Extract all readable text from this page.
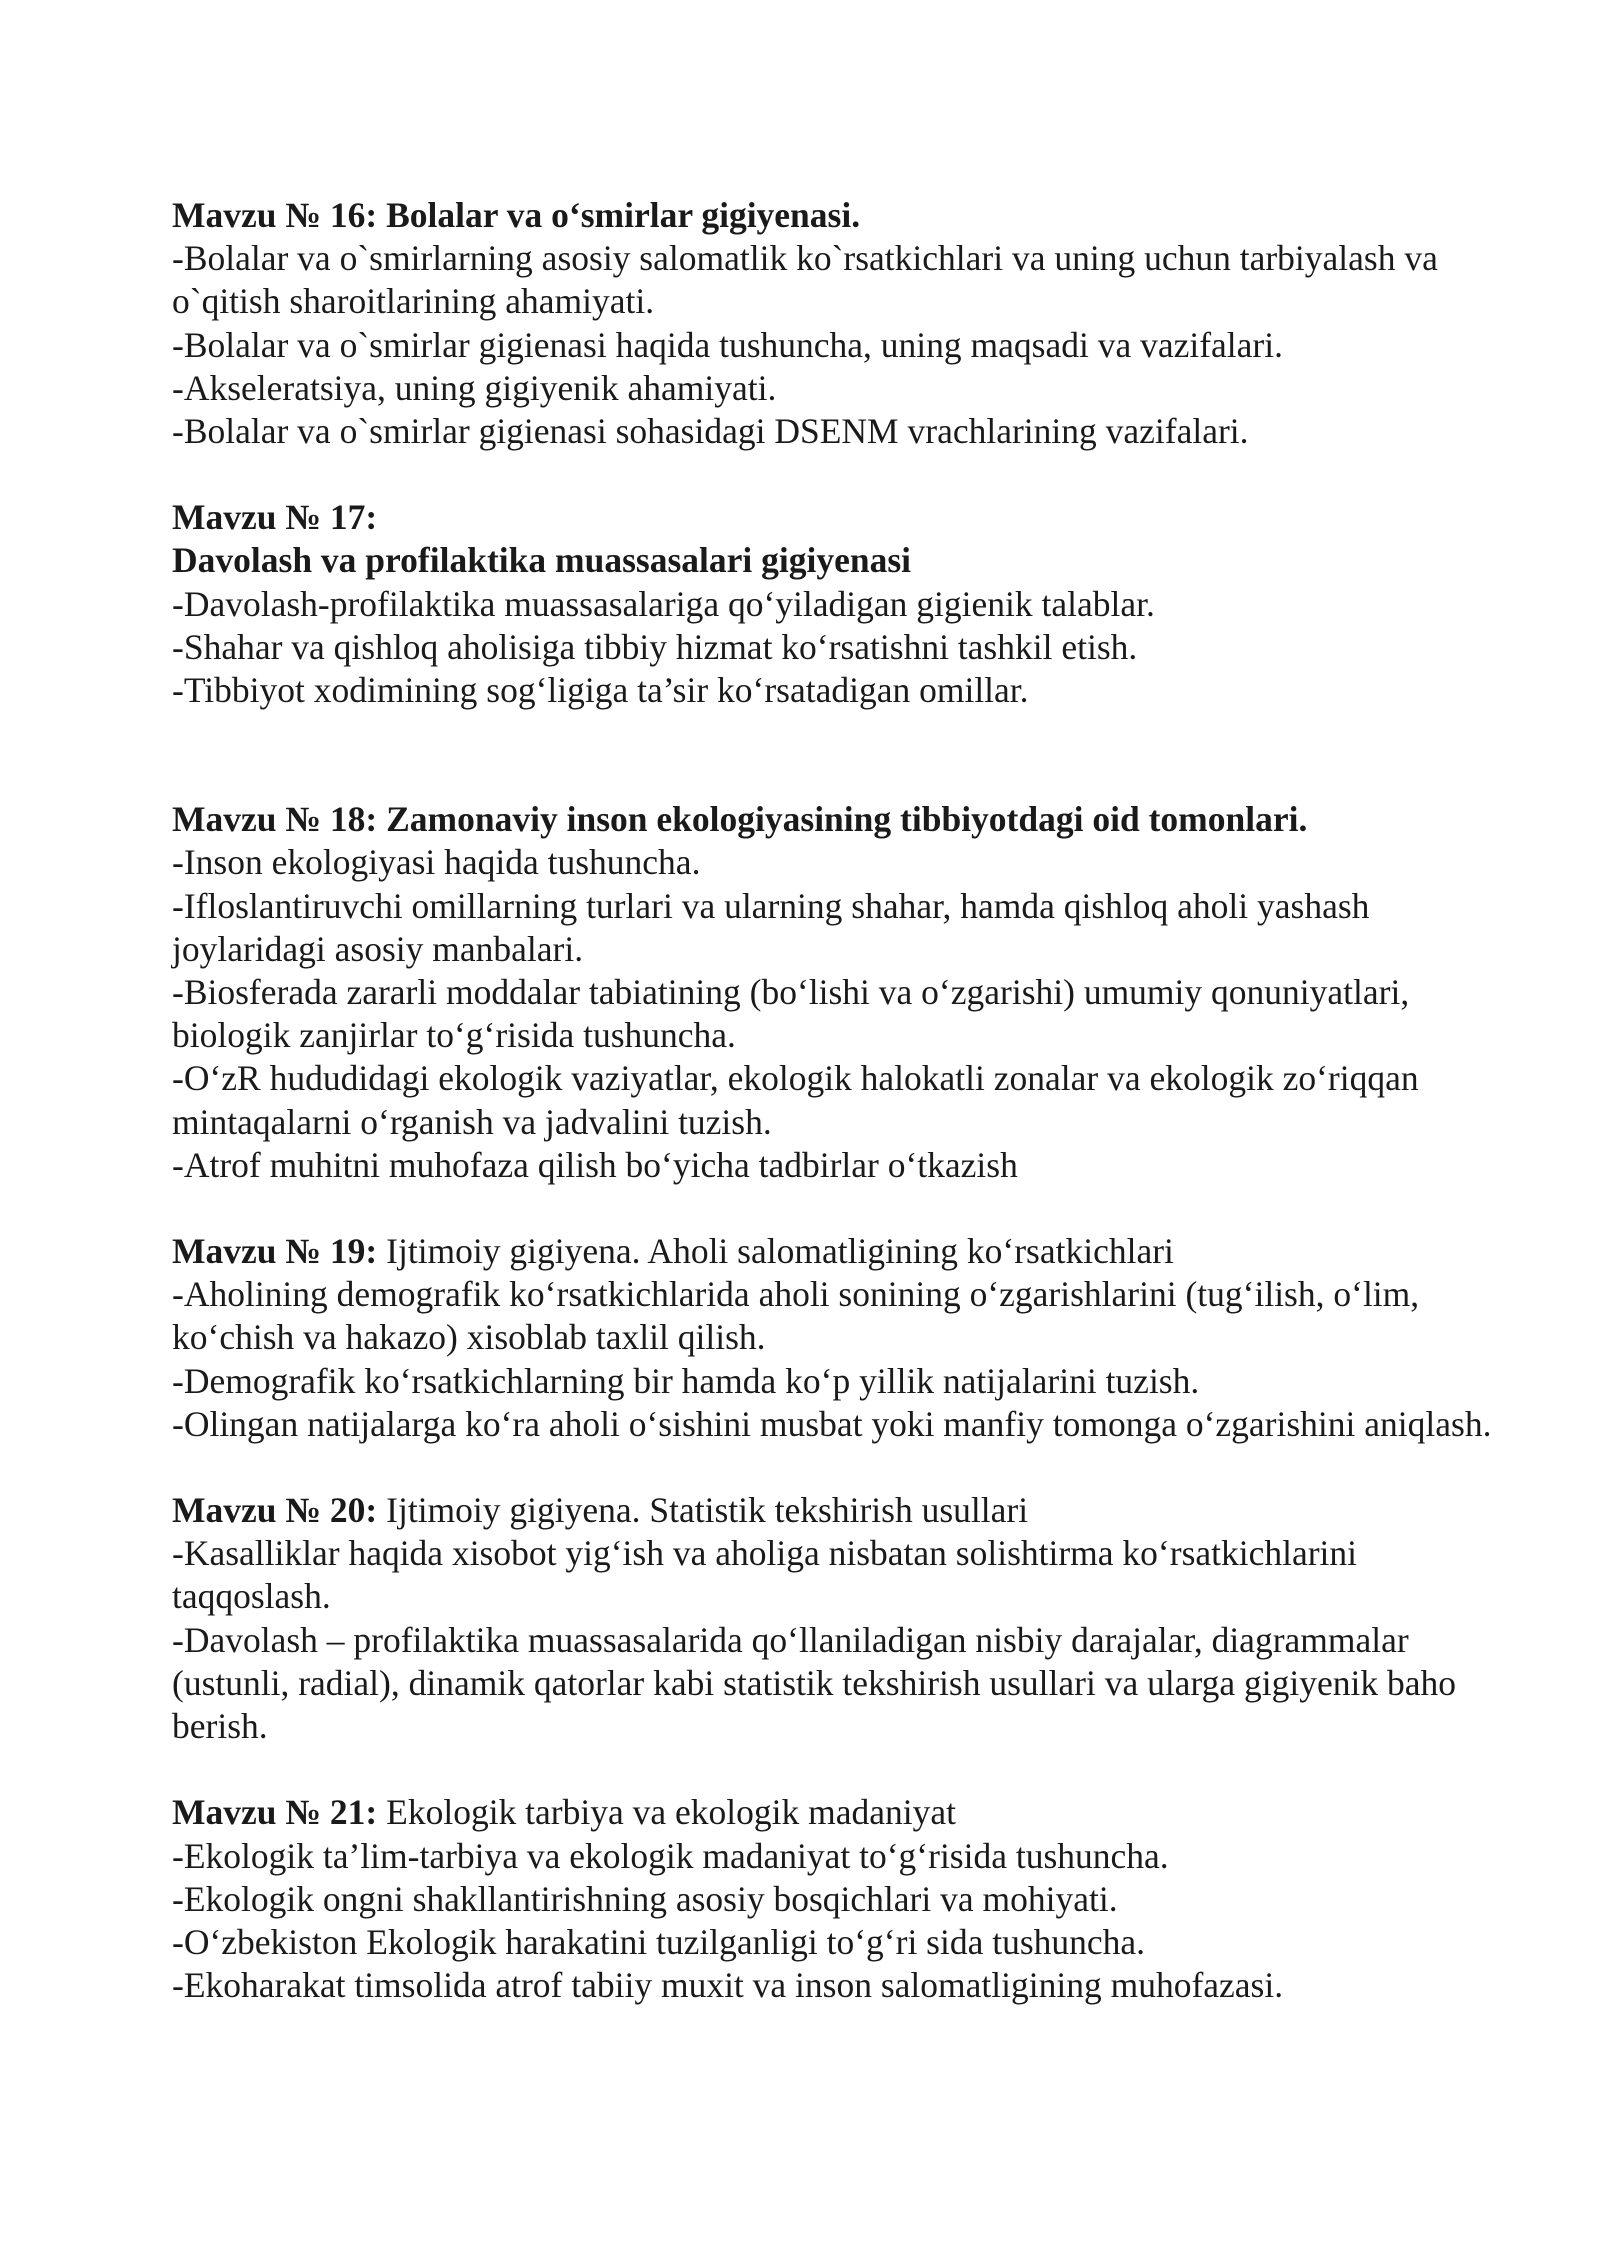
Mavzu № 16: Bolalar va o‘smirlar gigiyenasi.
-Bolalar va o`smirlarning asosiy salomatlik ko`rsatkichlari va uning uchun tarbiyalash va o`qitish sharoitlarining ahamiyati.
-Bolalar va o`smirlar gigienasi haqida tushuncha, uning maqsadi va vazifalari.
-Akseleratsiya, uning gigiyenik ahamiyati.
-Bolalar va o`smirlar gigienasi sohasidagi DSENM vrachlarining vazifalari.
Mavzu № 17:
Davolash va profilaktika muassasalari gigiyenasi
-Davolash-profilaktika muassasalariga qo‘yiladigan gigienik talablar.
-Shahar va qishloq aholisiga tibbiy hizmat ko‘rsatishni tashkil etish.
-Tibbiyot xodimining sog‘ligiga ta’sir ko‘rsatadigan omillar.
Mavzu № 18: Zamonaviy inson ekologiyasining tibbiyotdagi oid tomonlari.
-Inson ekologiyasi haqida tushuncha.
-Ifloslantiruvchi omillarning turlari va ularning shahar, hamda qishloq aholi yashash joylaridagi asosiy manbalari.
-Biosferada zararli moddalar tabiatining (bo‘lishi va o‘zgarishi) umumiy qonuniyatlari, biologik zanjirlar to‘g‘risida tushuncha.
-O‘zR hududidagi ekologik vaziyatlar, ekologik halokatli zonalar va ekologik zo‘riqqan mintaqalarni o‘rganish va jadvalini tuzish.
-Atrof muhitni muhofaza qilish bo‘yicha tadbirlar o‘tkazish
Mavzu № 19: Ijtimoiy gigiyena. Aholi salomatligining ko‘rsatkichlari
-Aholining demografik ko‘rsatkichlarida aholi sonining o‘zgarishlarini (tug‘ilish, o‘lim, ko‘chish va hakazo) xisoblab taxlil qilish.
-Demografik ko‘rsatkichlarning bir hamda ko‘p yillik natijalarini tuzish.
-Olingan natijalarga ko‘ra aholi o‘sishini musbat yoki manfiy tomonga o‘zgarishini aniqlash.
Mavzu № 20: Ijtimoiy gigiyena. Statistik tekshirish usullari
-Kasalliklar haqida xisobot yig‘ish va aholiga nisbatan solishtirma ko‘rsatkichlarini taqqoslash.
-Davolash – profilaktika muassasalarida qo‘llaniladigan nisbiy darajalar, diagrammalar (ustunli, radial), dinamik qatorlar kabi statistik tekshirish usullari va ularga gigiyenik baho berish.
Mavzu № 21: Ekologik tarbiya va ekologik madaniyat
-Ekologik ta’lim-tarbiya va ekologik madaniyat to‘g‘risida tushuncha.
-Ekologik ongni shakllantirishning asosiy bosqichlari va mohiyati.
-O‘zbekiston Ekologik harakatini tuzilganligi to‘g‘ri sida tushuncha.
-Ekoharakat timsolida atrof tabiiy muxit va inson salomatligining muhofazasi.
